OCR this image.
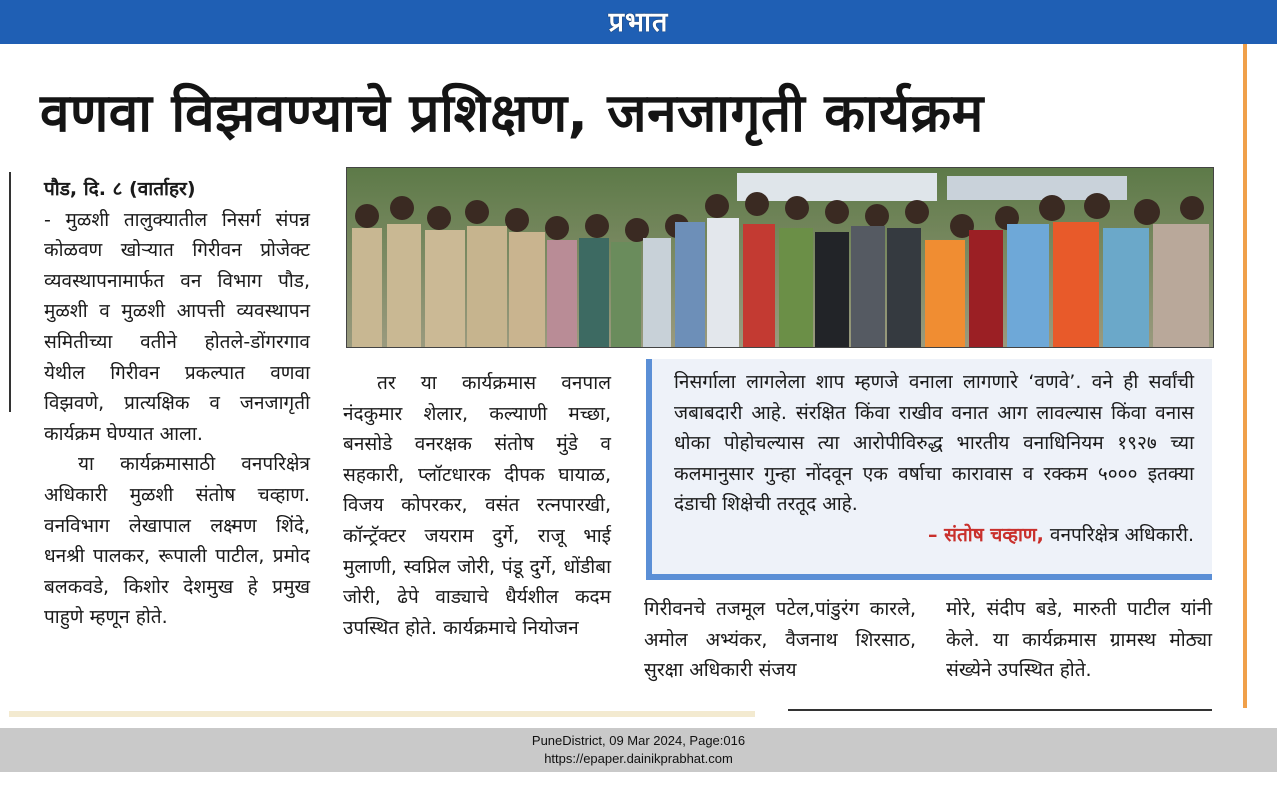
प्रभात
वणवा विझवण्याचे प्रशिक्षण, जनजागृती कार्यक्रम

पौड, दि. ८ (वार्ताहर)

- मुळशी तालुक्यातील निसर्ग संपन्न कोळवण खोऱ्यात गिरीवन प्रोजेक्ट व्यवस्थापनामार्फत वन विभाग पौड, मुळशी व मुळशी आपत्ती व्यवस्थापन समितीच्या वतीने होतले-डोंगरगाव येथील गिरीवन प्रकल्पात वणवा विझवणे, प्रात्यक्षिक व जनजागृती कार्यक्रम घेण्यात आला.

या कार्यक्रमासाठी वनपरिक्षेत्र अधिकारी मुळशी संतोष चव्हाण. वनविभाग लेखापाल लक्ष्मण शिंदे, धनश्री पालकर, रूपाली पाटील, प्रमोद बलकवडे, किशोर देशमुख हे प्रमुख पाहुणे म्हणून होते.

तर या कार्यक्रमास वनपाल नंदकुमार शेलार, कल्याणी मच्छा, बनसोडे वनरक्षक संतोष मुंडे व सहकारी, प्लॉटधारक दीपक घायाळ, विजय कोपरकर, वसंत रत्नपारखी, कॉन्ट्रॅक्टर जयराम दुर्गे, राजू भाई मुलाणी, स्वप्निल जोरी, पंडू दुर्गे, धोंडीबा जोरी, ढेपे वाड्याचे धैर्यशील कदम उपस्थित होते. कार्यक्रमाचे नियोजन

निसर्गाला लागलेला शाप म्हणजे वनाला लागणारे ‘वणवे’. वने ही सर्वांची जबाबदारी आहे. संरक्षित किंवा राखीव वनात आग लावल्यास किंवा वनास धोका पोहोचल्यास त्या आरोपीविरुद्ध भारतीय वनाधिनियम १९२७ च्या कलमानुसार गुन्हा नोंदवून एक वर्षाचा कारावास व रक्कम ५००० इतक्या दंडाची शिक्षेची तरतूद आहे.

– संतोष चव्हाण, वनपरिक्षेत्र अधिकारी.

गिरीवनचे तजमूल पटेल,पांडुरंग कारले, अमोल अभ्यंकर, वैजनाथ शिरसाठ, सुरक्षा अधिकारी संजय

मोरे, संदीप बडे, मारुती पाटील यांनी केले. या कार्यक्रमास ग्रामस्थ मोठ्या संख्येने उपस्थित होते.

PuneDistrict, 09 Mar 2024, Page:016
https://epaper.dainikprabhat.com
